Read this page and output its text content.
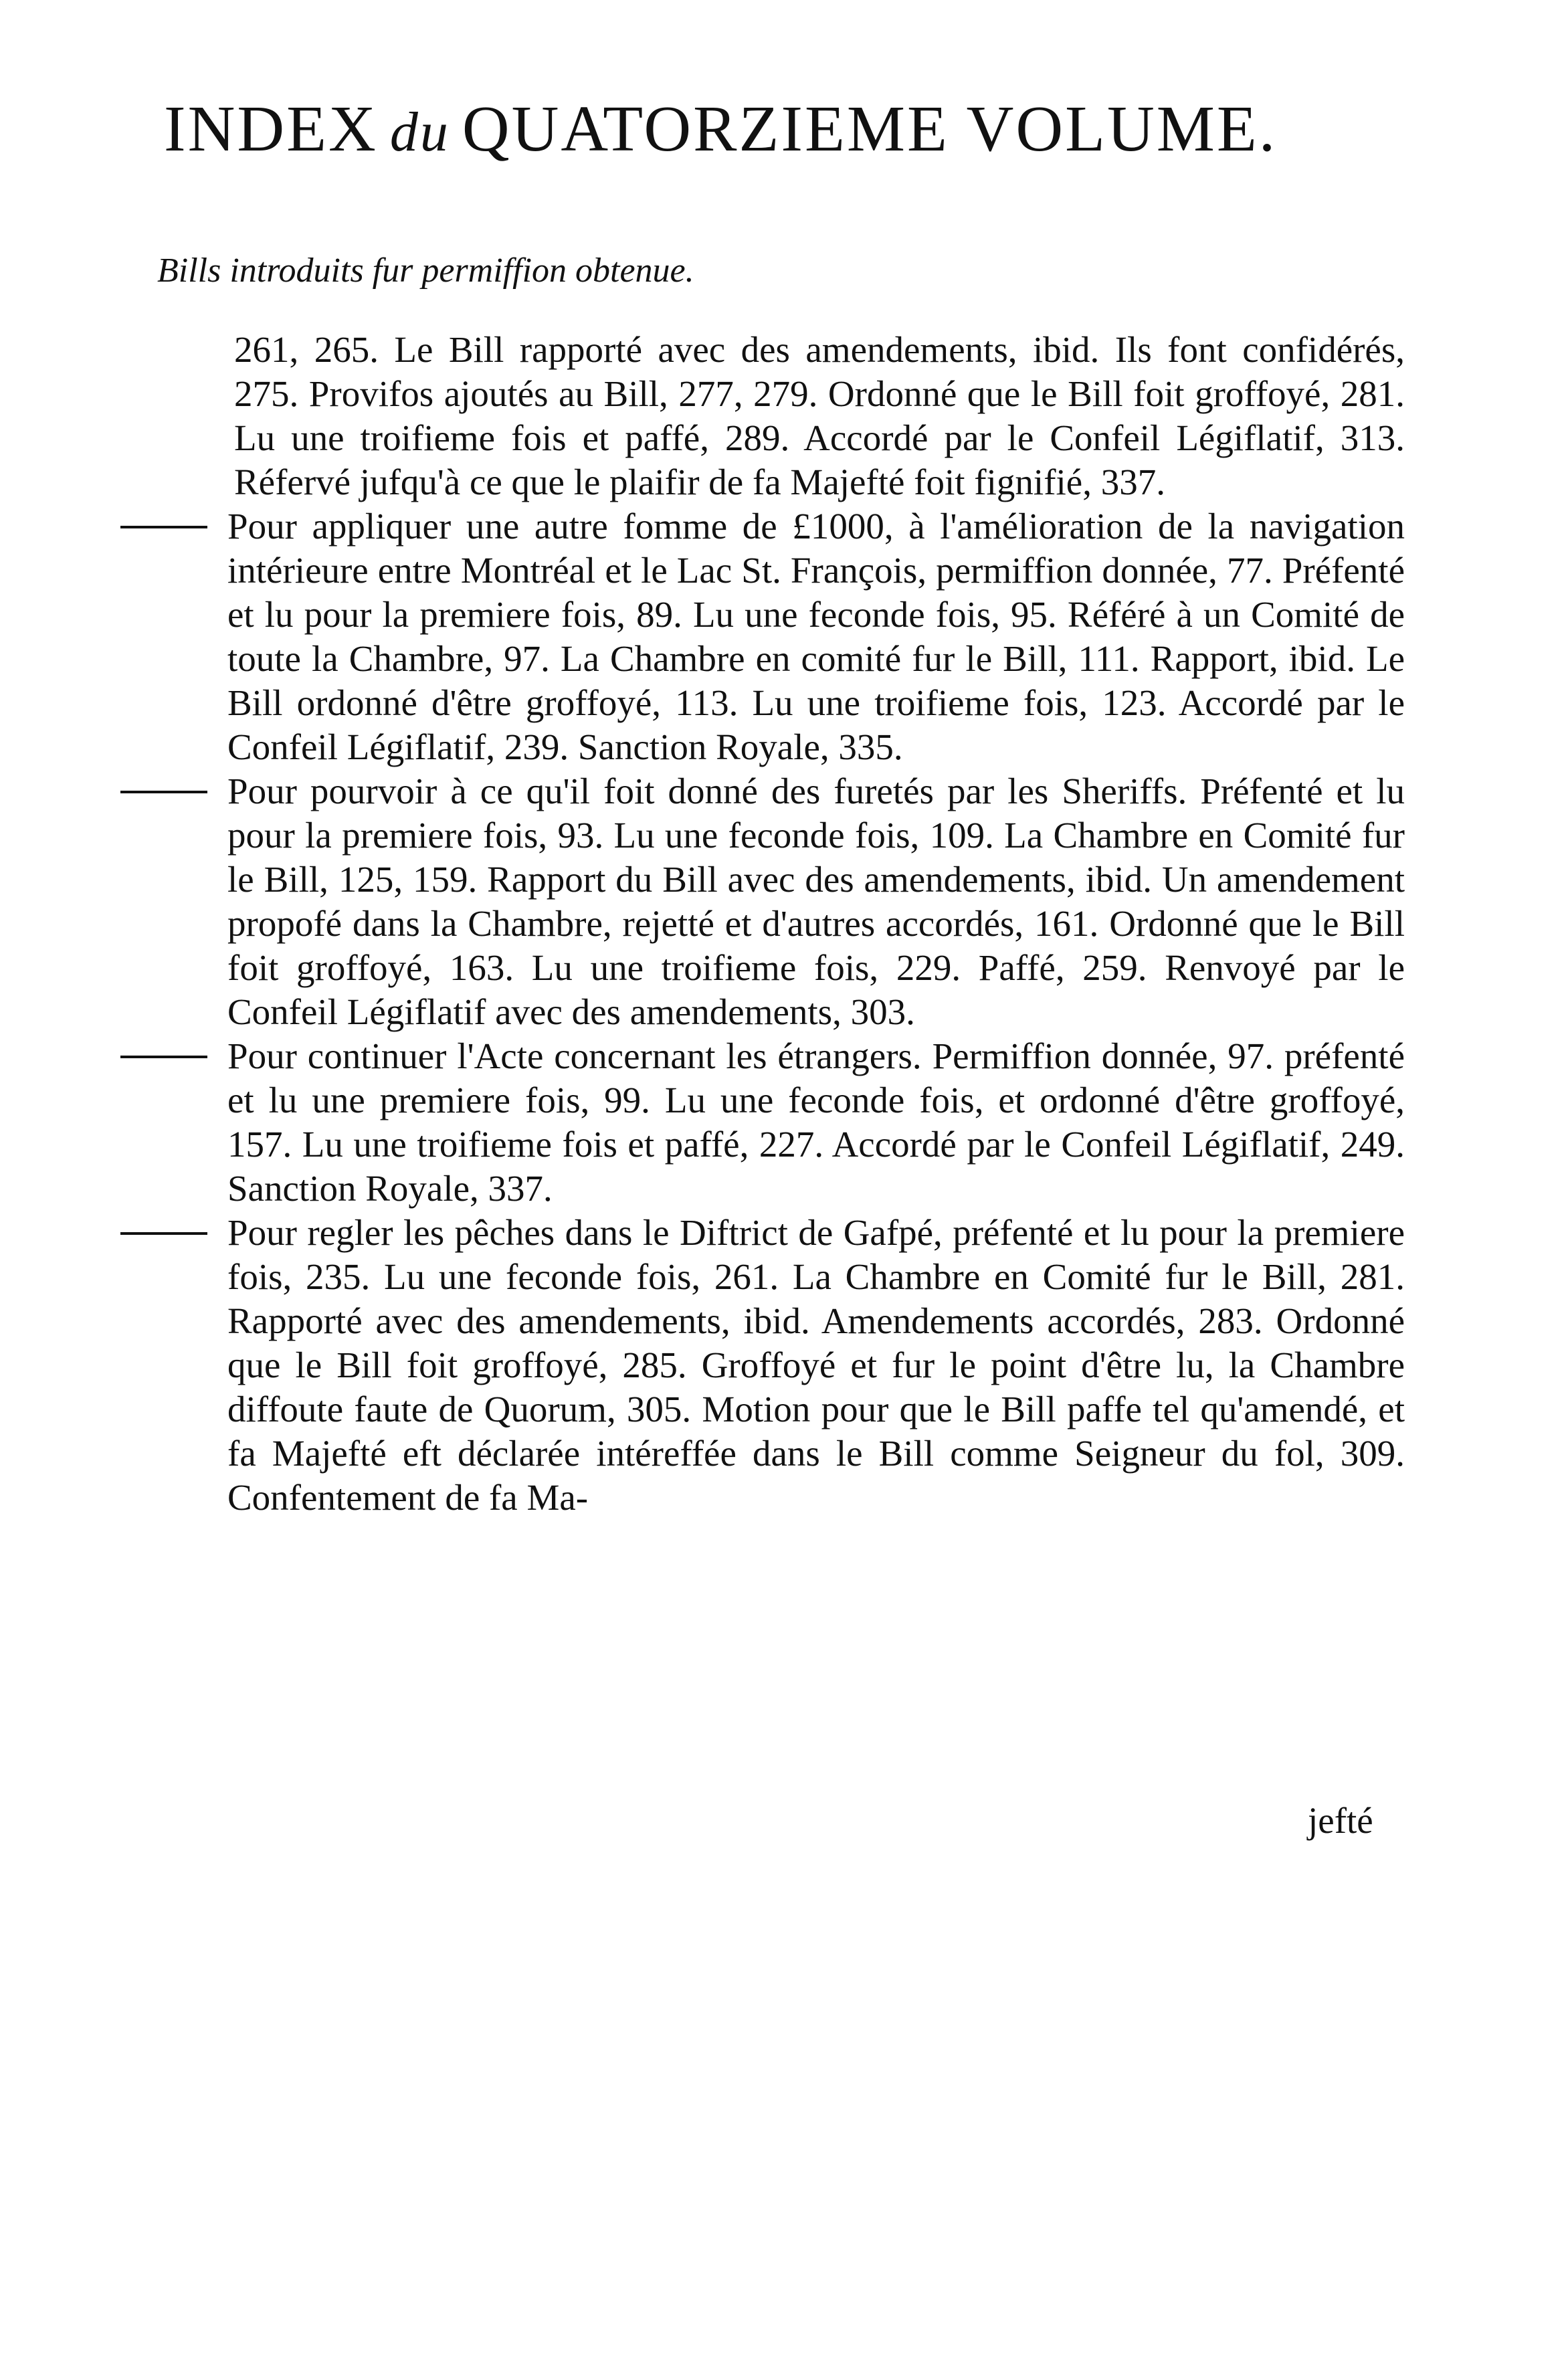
INDEX du QUATORZIEME VOLUME.
Bills introduits fur permiffion obtenue.
261, 265. Le Bill rapporté avec des amendements, ibid. Ils font confidérés, 275. Provifos ajoutés au Bill, 277, 279. Ordonné que le Bill foit groffoyé, 281. Lu une troifieme fois et paffé, 289. Accordé par le Confeil Légiflatif, 313. Réfervé jufqu'à ce que le plaifir de fa Majefté foit fignifié, 337.
Pour appliquer une autre fomme de £1000, à l'amélioration de la navigation intérieure entre Montréal et le Lac St. François, permiffion donnée, 77. Préfenté et lu pour la premiere fois, 89. Lu une feconde fois, 95. Référé à un Comité de toute la Chambre, 97. La Chambre en comité fur le Bill, 111. Rapport, ibid. Le Bill ordonné d'être groffoyé, 113. Lu une troifieme fois, 123. Accordé par le Confeil Légiflatif, 239. Sanction Royale, 335.
Pour pourvoir à ce qu'il foit donné des furetés par les Sheriffs. Préfenté et lu pour la premiere fois, 93. Lu une feconde fois, 109. La Chambre en Comité fur le Bill, 125, 159. Rapport du Bill avec des amendements, ibid. Un amendement propofé dans la Chambre, rejetté et d'autres accordés, 161. Ordonné que le Bill foit groffoyé, 163. Lu une troifieme fois, 229. Paffé, 259. Renvoyé par le Confeil Légiflatif avec des amendements, 303.
Pour continuer l'Acte concernant les étrangers. Permiffion donnée, 97. préfenté et lu une premiere fois, 99. Lu une feconde fois, et ordonné d'être groffoyé, 157. Lu une troifieme fois et paffé, 227. Accordé par le Confeil Légiflatif, 249. Sanction Royale, 337.
Pour regler les pêches dans le Diftrict de Gafpé, préfenté et lu pour la premiere fois, 235. Lu une feconde fois, 261. La Chambre en Comité fur le Bill, 281. Rapporté avec des amendements, ibid. Amendements accordés, 283. Ordonné que le Bill foit groffoyé, 285. Groffoyé et fur le point d'être lu, la Chambre diffoute faute de Quorum, 305. Motion pour que le Bill paffe tel qu'amendé, et fa Majefté eft déclarée intéreffée dans le Bill comme Seigneur du fol, 309. Confentement de fa Ma-
jefté
